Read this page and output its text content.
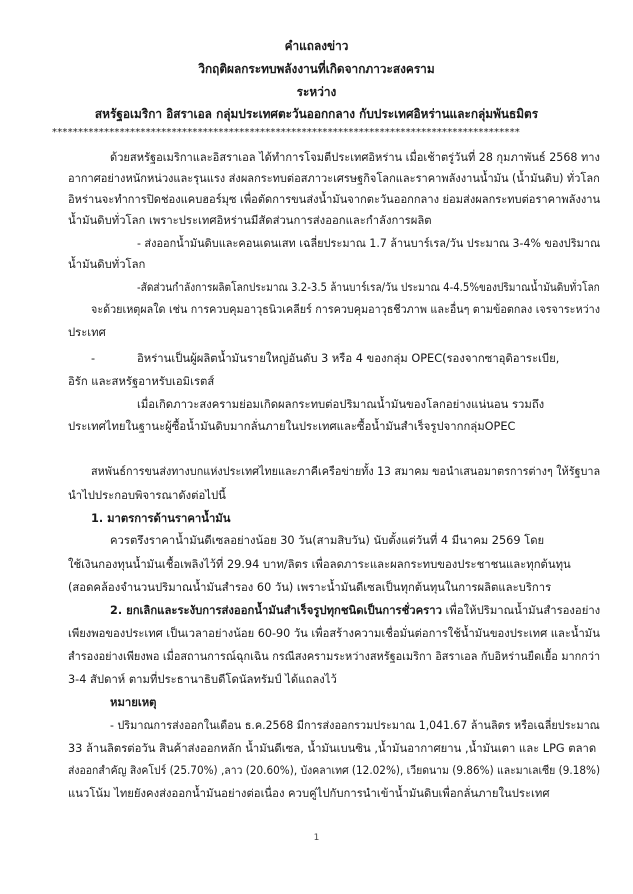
คำแถลงข่าว
วิกฤติผลกระทบพลังงานที่เกิดจากภาวะสงคราม
ระหว่าง
สหรัฐอเมริกา อิสราเอล กลุ่มประเทศตะวันออกกลาง กับประเทศอิหร่านและกลุ่มพันธมิตร
******************************************************************************************
ด้วยสหรัฐอเมริกาและอิสราเอล ได้ทำการโจมตีประเทศอิหร่าน เมื่อเช้าตรู่วันที่ 28 กุมภาพันธ์ 2568 ทาง
อากาศอย่างหนักหน่วงและรุนแรง ส่งผลกระทบต่อสภาวะเศรษฐกิจโลกและราคาพลังงานน้ำมัน (น้ำมันดิบ) ทั่วโลก
อิหร่านจะทำการปิดช่องแคบฮอร์มุซ เพื่อตัดการขนส่งน้ำมันจากตะวันออกกลาง ย่อมส่งผลกระทบต่อราคาพลังงาน
น้ำมันดิบทั่วโลก เพราะประเทศอิหร่านมีสัดส่วนการส่งออกและกำลังการผลิต
- ส่งออกน้ำมันดิบและคอนเดนเสท เฉลี่ยประมาณ 1.7 ล้านบาร์เรล/วัน ประมาณ 3-4% ของปริมาณ
น้ำมันดิบทั่วโลก
-สัดส่วนกำลังการผลิตโลกประมาณ 3.2-3.5 ล้านบาร์เรล/วัน ประมาณ 4-4.5%ของปริมาณน้ำมันดิบทั่วโลก
จะด้วยเหตุผลใด เช่น การควบคุมอาวุธนิวเคลียร์ การควบคุมอาวุธชีวภาพ และอื่นๆ ตามข้อตกลง เจรจาระหว่าง
ประเทศ
-	อิหร่านเป็นผู้ผลิตน้ำมันรายใหญ่อันดับ 3 หรือ 4 ของกลุ่ม OPEC(รองจากซาอุดิอาระเบีย,
อิรัก และสหรัฐอาหรับเอมิเรตส์
เมื่อเกิดภาวะสงครามย่อมเกิดผลกระทบต่อปริมาณน้ำมันของโลกอย่างแน่นอน รวมถึง
ประเทศไทยในฐานะผู้ซื้อน้ำมันดิบมากลั่นภายในประเทศและซื้อน้ำมันสำเร็จรูปจากกลุ่มOPEC
สหพันธ์การขนส่งทางบกแห่งประเทศไทยและภาคีเครือข่ายทั้ง 13 สมาคม ขอนำเสนอมาตรการต่างๆ ให้รัฐบาล
นำไปประกอบพิจารณาดังต่อไปนี้
1. มาตรการด้านราคาน้ำมัน
ควรตรึงราคาน้ำมันดีเซลอย่างน้อย 30 วัน(สามสิบวัน) นับตั้งแต่วันที่ 4 มีนาคม 2569 โดย
ใช้เงินกองทุนน้ำมันเชื้อเพลิงไว้ที่ 29.94 บาท/ลิตร เพื่อลดภาระและผลกระทบของประชาชนและทุกต้นทุน
(สอดคล้องจำนวนปริมาณน้ำมันสำรอง 60 วัน) เพราะน้ำมันดีเซลเป็นทุกต้นทุนในการผลิตและบริการ
2. ยกเลิกและระงับการส่งออกน้ำมันสำเร็จรูปทุกชนิดเป็นการชั่วคราว เพื่อให้ปริมาณน้ำมันสำรองอย่าง
เพียงพอของประเทศ เป็นเวลาอย่างน้อย 60-90 วัน เพื่อสร้างความเชื่อมั่นต่อการใช้น้ำมันของประเทศ และน้ำมัน
สำรองอย่างเพียงพอ เมื่อสถานการณ์ฉุกเฉิน กรณีสงครามระหว่างสหรัฐอเมริกา อิสราเอล กับอิหร่านยืดเยื้อ มากกว่า
3-4 สัปดาห์ ตามที่ประธานาธิบดีโดนัลทรัมป์ ได้แถลงไว้
หมายเหตุ
- ปริมาณการส่งออกในเดือน ธ.ค.2568 มีการส่งออกรวมประมาณ 1,041.67 ล้านลิตร หรือเฉลี่ยประมาณ
33 ล้านลิตรต่อวัน สินค้าส่งออกหลัก น้ำมันดีเซล, น้ำมันเบนซิน ,น้ำมันอากาศยาน ,น้ำมันเตา และ LPG ตลาด
ส่งออกสำคัญ สิงคโปร์ (25.70%) ,ลาว (20.60%), บังคลาเทศ (12.02%), เวียดนาม (9.86%) และมาเลเซีย (9.18%)
แนวโน้ม ไทยยังคงส่งออกน้ำมันอย่างต่อเนื่อง ควบคู่ไปกับการนำเข้าน้ำมันดิบเพื่อกลั่นภายในประเทศ
1
